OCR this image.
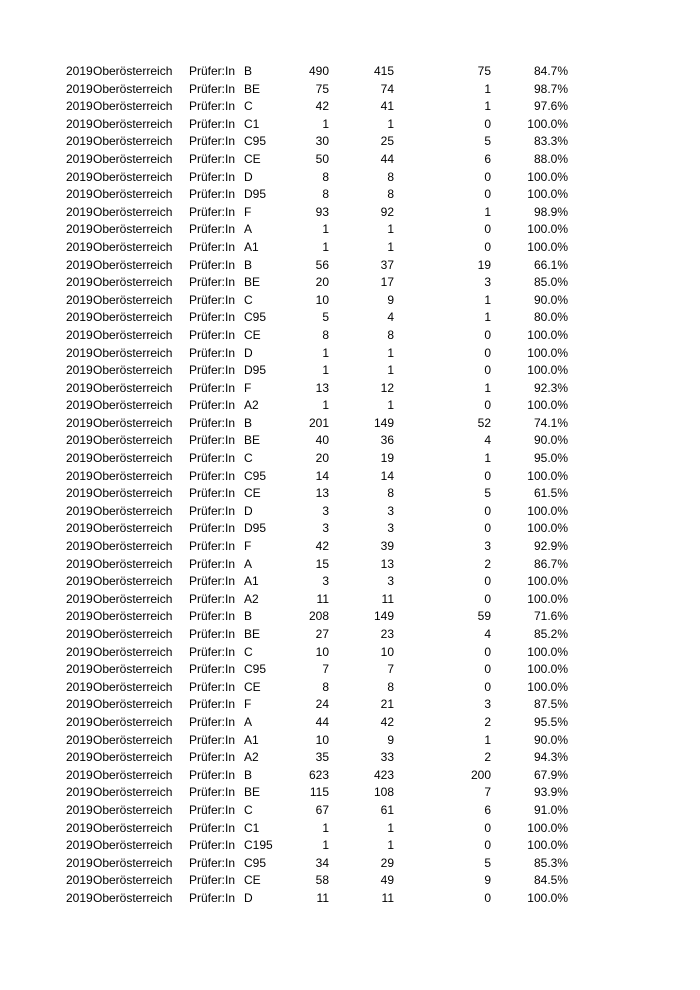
2019 Oberösterreich Prüfer:In B	490	415	75	84.7%
2019 Oberösterreich Prüfer:In BE	75	74	1	98.7%
2019 Oberösterreich Prüfer:In C	42	41	1	97.6%
2019 Oberösterreich Prüfer:In C1	1	1	0	100.0%
2019 Oberösterreich Prüfer:In C95	30	25	5	83.3%
2019 Oberösterreich Prüfer:In CE	50	44	6	88.0%
2019 Oberösterreich Prüfer:In D	8	8	0	100.0%
2019 Oberösterreich Prüfer:In D95	8	8	0	100.0%
2019 Oberösterreich Prüfer:In F	93	92	1	98.9%
2019 Oberösterreich Prüfer:In A	1	1	0	100.0%
2019 Oberösterreich Prüfer:In A1	1	1	0	100.0%
2019 Oberösterreich Prüfer:In B	56	37	19	66.1%
2019 Oberösterreich Prüfer:In BE	20	17	3	85.0%
2019 Oberösterreich Prüfer:In C	10	9	1	90.0%
2019 Oberösterreich Prüfer:In C95	5	4	1	80.0%
2019 Oberösterreich Prüfer:In CE	8	8	0	100.0%
2019 Oberösterreich Prüfer:In D	1	1	0	100.0%
2019 Oberösterreich Prüfer:In D95	1	1	0	100.0%
2019 Oberösterreich Prüfer:In F	13	12	1	92.3%
2019 Oberösterreich Prüfer:In A2	1	1	0	100.0%
2019 Oberösterreich Prüfer:In B	201	149	52	74.1%
2019 Oberösterreich Prüfer:In BE	40	36	4	90.0%
2019 Oberösterreich Prüfer:In C	20	19	1	95.0%
2019 Oberösterreich Prüfer:In C95	14	14	0	100.0%
2019 Oberösterreich Prüfer:In CE	13	8	5	61.5%
2019 Oberösterreich Prüfer:In D	3	3	0	100.0%
2019 Oberösterreich Prüfer:In D95	3	3	0	100.0%
2019 Oberösterreich Prüfer:In F	42	39	3	92.9%
2019 Oberösterreich Prüfer:In A	15	13	2	86.7%
2019 Oberösterreich Prüfer:In A1	3	3	0	100.0%
2019 Oberösterreich Prüfer:In A2	11	11	0	100.0%
2019 Oberösterreich Prüfer:In B	208	149	59	71.6%
2019 Oberösterreich Prüfer:In BE	27	23	4	85.2%
2019 Oberösterreich Prüfer:In C	10	10	0	100.0%
2019 Oberösterreich Prüfer:In C95	7	7	0	100.0%
2019 Oberösterreich Prüfer:In CE	8	8	0	100.0%
2019 Oberösterreich Prüfer:In F	24	21	3	87.5%
2019 Oberösterreich Prüfer:In A	44	42	2	95.5%
2019 Oberösterreich Prüfer:In A1	10	9	1	90.0%
2019 Oberösterreich Prüfer:In A2	35	33	2	94.3%
2019 Oberösterreich Prüfer:In B	623	423	200	67.9%
2019 Oberösterreich Prüfer:In BE	115	108	7	93.9%
2019 Oberösterreich Prüfer:In C	67	61	6	91.0%
2019 Oberösterreich Prüfer:In C1	1	1	0	100.0%
2019 Oberösterreich Prüfer:In C195	1	1	0	100.0%
2019 Oberösterreich Prüfer:In C95	34	29	5	85.3%
2019 Oberösterreich Prüfer:In CE	58	49	9	84.5%
2019 Oberösterreich Prüfer:In D	11	11	0	100.0%
